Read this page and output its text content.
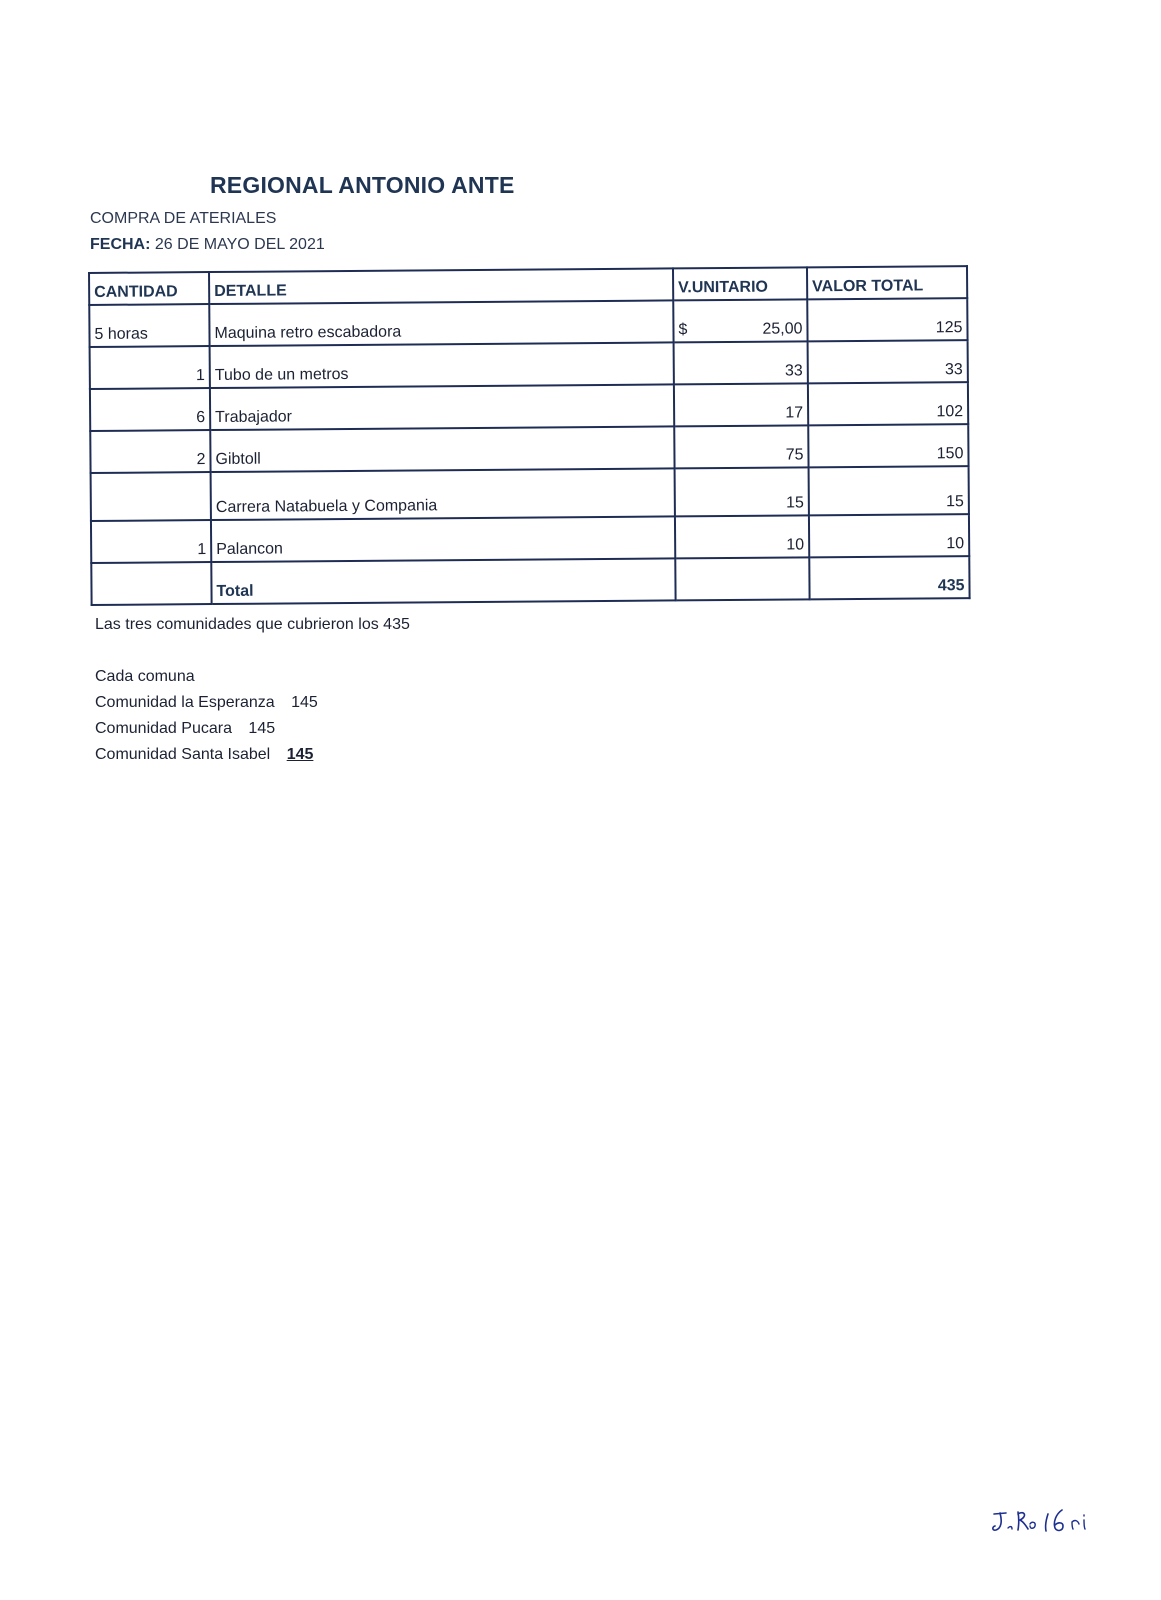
REGIONAL ANTONIO ANTE
COMPRA DE ATERIALES
FECHA: 26 DE MAYO DEL 2021
CANTIDAD	DETALLE	V.UNITARIO	VALOR TOTAL
5 horas	Maquina retro escabadora	$ 25,00	125
1	Tubo de un metros	33	33
6	Trabajador	17	102
2	Gibtoll	75	150
	Carrera Natabuela y Compania	15	15
1	Palancon	10	10
	Total		435
Las tres comunidades que cubrieron los 435
Cada comuna
Comunidad la Esperanza 145
Comunidad Pucara 145
Comunidad Santa Isabel 145
